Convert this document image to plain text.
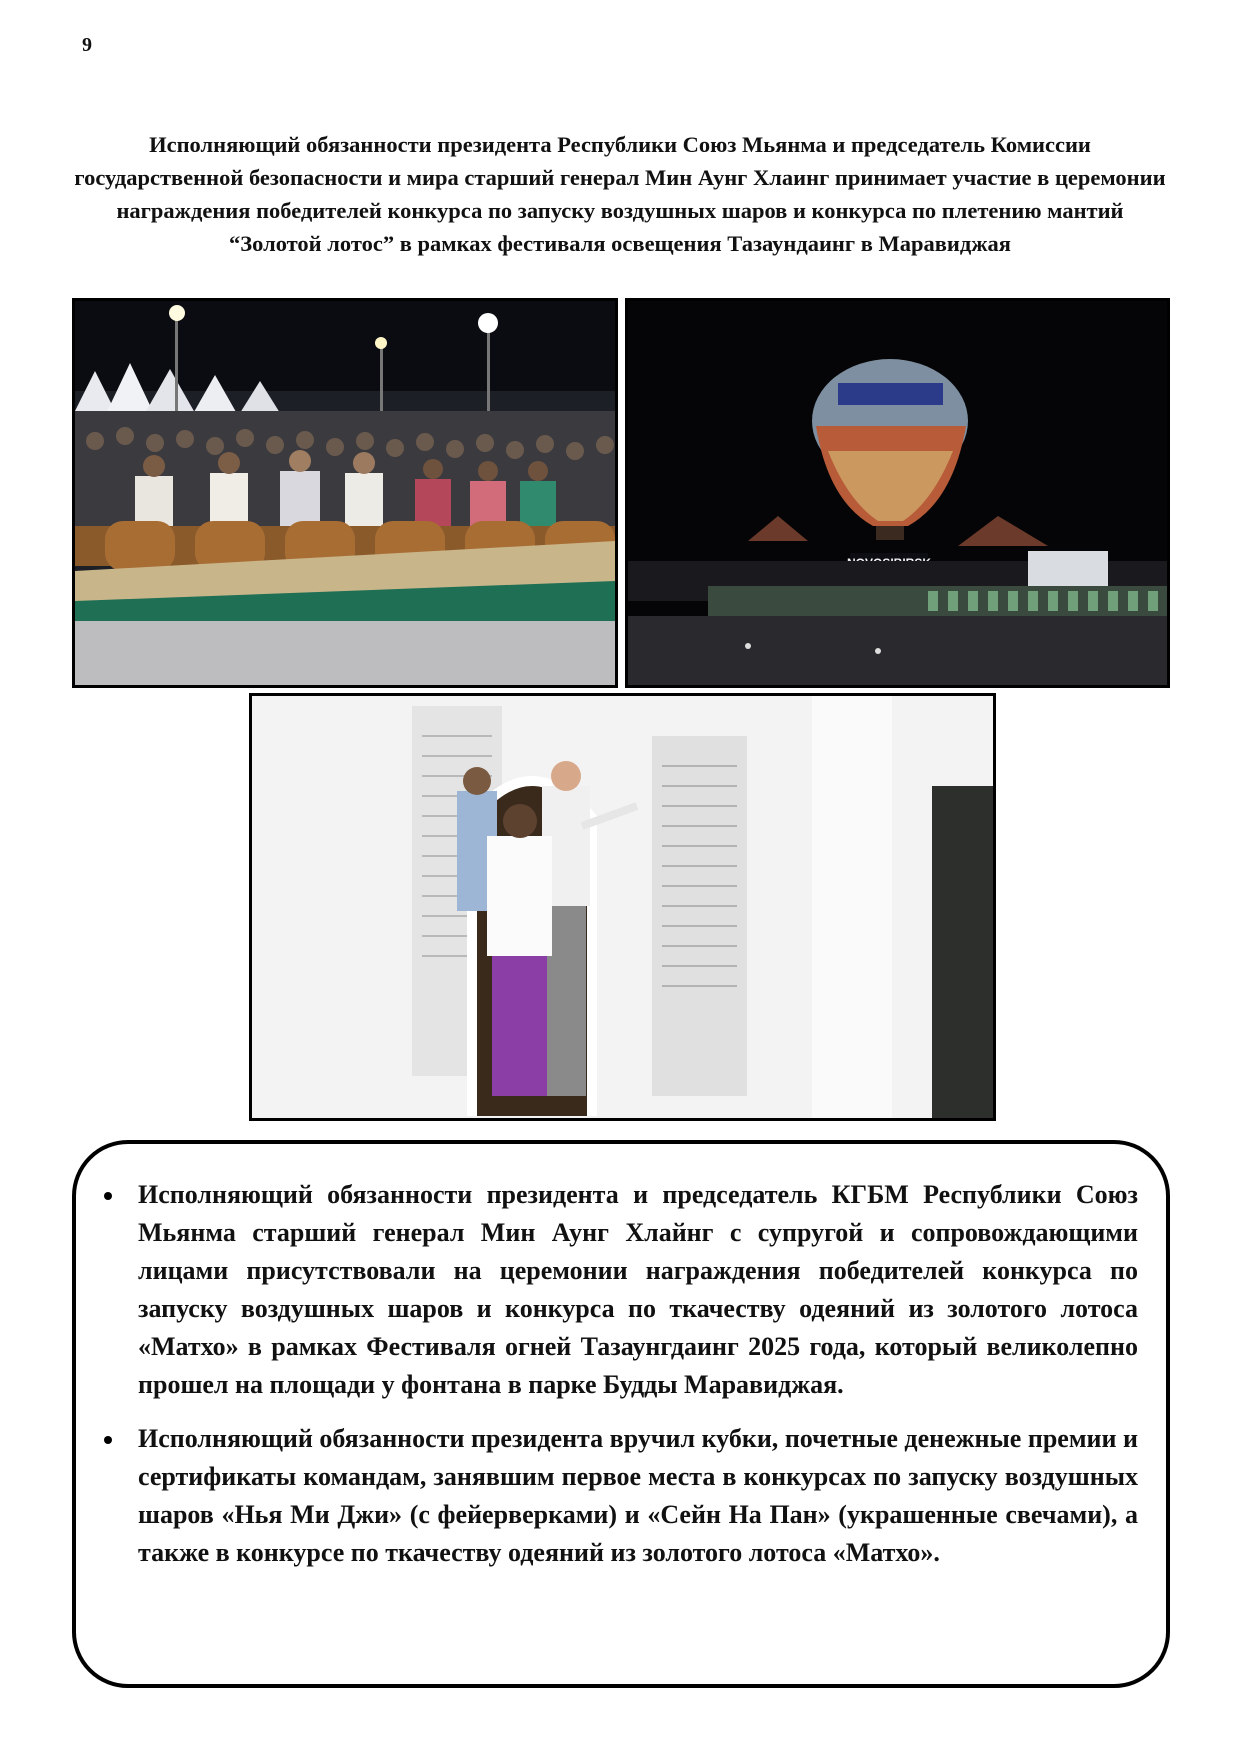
9
Исполняющий обязанности президента Республики Союз Мьянма и председатель Комиссии государственной безопасности и мира старший генерал Мин Аунг Хлаинг принимает участие в церемонии награждения победителей конкурса по запуску воздушных шаров и конкурса по плетению мантий “Золотой лотос” в рамках фестиваля освещения Тазаундаинг в Маравиджая
Исполняющий обязанности президента и председатель КГБМ Республики Союз Мьянма старший генерал Мин Аунг Хлайнг с супругой и сопровождающими лицами присутствовали на церемонии награждения победителей конкурса по запуску воздушных шаров и конкурса по ткачеству одеяний из золотого лотоса «Матхо» в рамках Фестиваля огней Тазаунгдаинг 2025 года, который великолепно прошел на площади у фонтана в парке Будды Маравиджая.
Исполняющий обязанности президента вручил кубки, почетные денежные премии и сертификаты командам, занявшим первое места в конкурсах по запуску воздушных шаров «Нья Ми Джи» (с фейерверками) и «Сейн На Пан» (украшенные свечами), а также в конкурсе по ткачеству одеяний из золотого лотоса «Матхо».
